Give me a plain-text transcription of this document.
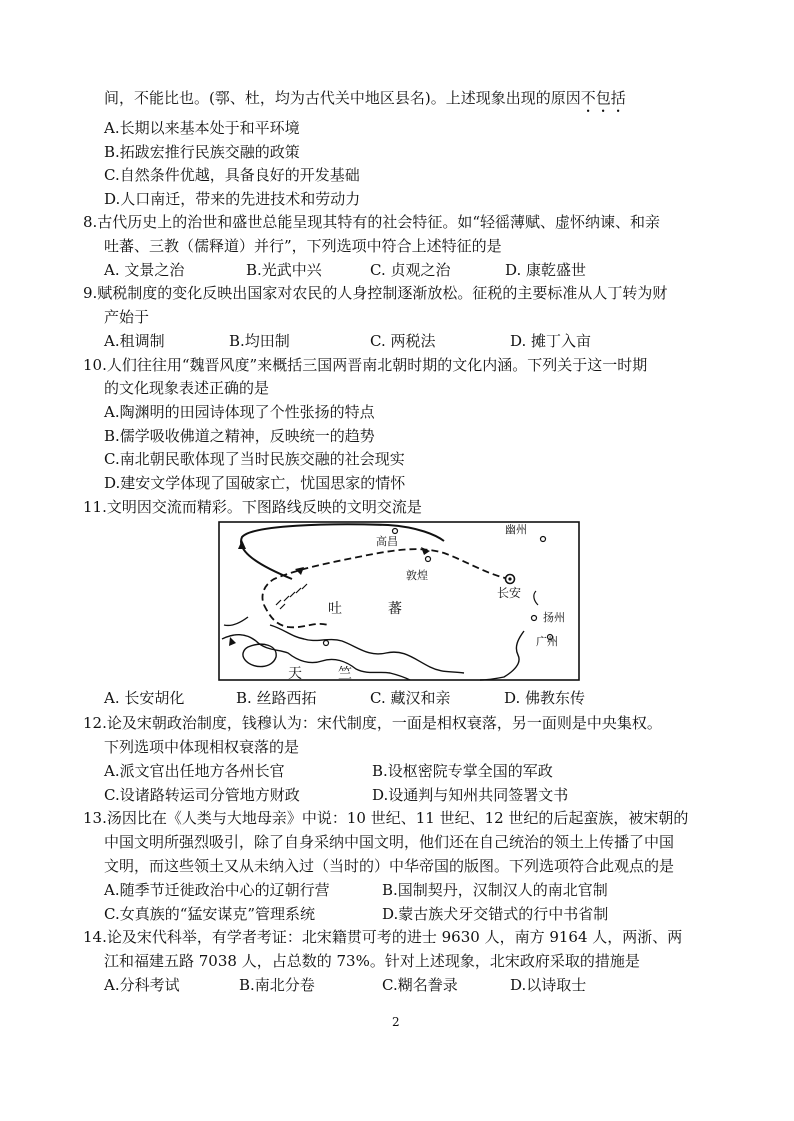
间，不能比也。(鄠、杜，均为古代关中地区县名)。上述现象出现的原因不包括
A.长期以来基本处于和平环境
B.拓跋宏推行民族交融的政策
C.自然条件优越，具备良好的开发基础
D.人口南迁，带来的先进技术和劳动力
8.古代历史上的治世和盛世总能呈现其特有的社会特征。如“轻徭薄赋、虚怀纳谏、和亲
吐蕃、三教（儒释道）并行”，下列选项中符合上述特征的是
A. 文景之治	B.光武中兴	C. 贞观之治	D. 康乾盛世
9.赋税制度的变化反映出国家对农民的人身控制逐渐放松。征税的主要标准从人丁转为财
产始于
A.租调制	B.均田制	C. 两税法	D. 摊丁入亩
10.人们往往用“魏晋风度”来概括三国两晋南北朝时期的文化内涵。下列关于这一时期
的文化现象表述正确的是
A.陶渊明的田园诗体现了个性张扬的特点
B.儒学吸收佛道之精神，反映统一的趋势
C.南北朝民歌体现了当时民族交融的社会现实
D.建安文学体现了国破家亡，忧国思家的情怀
11.文明因交流而精彩。下图路线反映的文明交流是
幽州
高昌
敦煌
长安
吐	蕃
扬州
广州
天	竺
A. 长安胡化	B. 丝路西拓	C. 藏汉和亲	D. 佛教东传
12.论及宋朝政治制度，钱穆认为：宋代制度，一面是相权衰落，另一面则是中央集权。
下列选项中体现相权衰落的是
A.派文官出任地方各州长官	B.设枢密院专掌全国的军政
C.设诸路转运司分管地方财政	D.设通判与知州共同签署文书
13.汤因比在《人类与大地母亲》中说：10 世纪、11 世纪、12 世纪的后起蛮族，被宋朝的
中国文明所强烈吸引，除了自身采纳中国文明，他们还在自己统治的领土上传播了中国
文明，而这些领土又从未纳入过（当时的）中华帝国的版图。下列选项符合此观点的是
A.随季节迁徙政治中心的辽朝行营	B.国制契丹，汉制汉人的南北官制
C.女真族的“猛安谋克”管理系统	D.蒙古族犬牙交错式的行中书省制
14.论及宋代科举，有学者考证：北宋籍贯可考的进士 9630 人，南方 9164 人，两浙、两
江和福建五路 7038 人，占总数的 73%。针对上述现象，北宋政府采取的措施是
A.分科考试	B.南北分卷	C.糊名誊录	D.以诗取士
2
